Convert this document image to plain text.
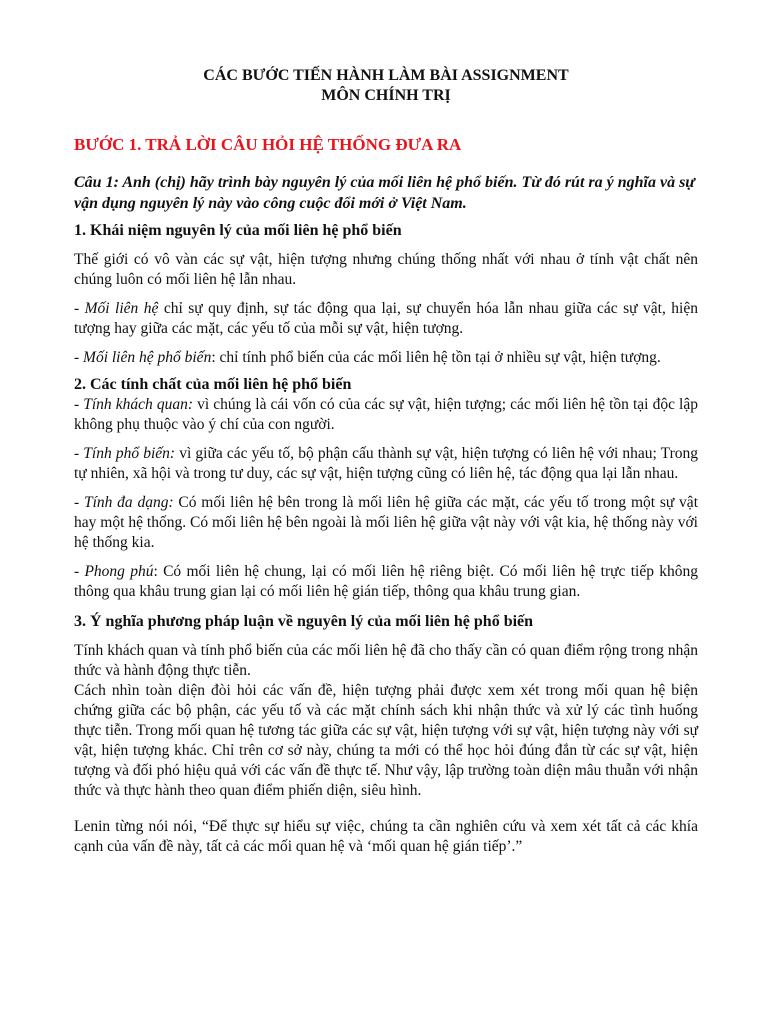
CÁC BƯỚC TIẾN HÀNH LÀM BÀI ASSIGNMENT
MÔN CHÍNH TRỊ
BƯỚC 1. TRẢ LỜI CÂU HỎI HỆ THỐNG ĐƯA RA

Câu 1: Anh (chị) hãy trình bày nguyên lý của mối liên hệ phổ biến. Từ đó rút ra ý nghĩa và sự vận dụng nguyên lý này vào công cuộc đổi mới ở Việt Nam.

1. Khái niệm nguyên lý của mối liên hệ phổ biến

Thế giới có vô vàn các sự vật, hiện tượng nhưng chúng thống nhất với nhau ở tính vật chất nên chúng luôn có mối liên hệ lẫn nhau.

- Mối liên hệ chỉ sự quy định, sự tác động qua lại, sự chuyển hóa lẫn nhau giữa các sự vật, hiện tượng hay giữa các mặt, các yếu tố của mỗi sự vật, hiện tượng.

- Mối liên hệ phổ biến: chỉ tính phổ biến của các mối liên hệ tồn tại ở nhiều sự vật, hiện tượng.

2. Các tính chất của mối liên hệ phổ biến

- Tính khách quan: vì chúng là cái vốn có của các sự vật, hiện tượng; các mối liên hệ tồn tại độc lập không phụ thuộc vào ý chí của con người.

- Tính phổ biến: vì giữa các yếu tố, bộ phận cấu thành sự vật, hiện tượng có liên hệ với nhau; Trong tự nhiên, xã hội và trong tư duy, các sự vật, hiện tượng cũng có liên hệ, tác động qua lại lẫn nhau.

- Tính đa dạng: Có mối liên hệ bên trong là mối liên hệ giữa các mặt, các yếu tố trong một sự vật hay một hệ thống. Có mối liên hệ bên ngoài là mối liên hệ giữa vật này với vật kia, hệ thống này với hệ thống kia.

- Phong phú: Có mối liên hệ chung, lại có mối liên hệ riêng biệt. Có mối liên hệ trực tiếp không thông qua khâu trung gian lại có mối liên hệ gián tiếp, thông qua khâu trung gian.

3. Ý nghĩa phương pháp luận về nguyên lý của mối liên hệ phổ biến

Tính khách quan và tính phổ biến của các mối liên hệ đã cho thấy cần có quan điểm rộng trong nhận thức và hành động thực tiễn.

Cách nhìn toàn diện đòi hỏi các vấn đề, hiện tượng phải được xem xét trong mối quan hệ biện chứng giữa các bộ phận, các yếu tố và các mặt chính sách khi nhận thức và xử lý các tình huống thực tiễn. Trong mối quan hệ tương tác giữa các sự vật, hiện tượng với sự vật, hiện tượng này với sự vật, hiện tượng khác. Chỉ trên cơ sở này, chúng ta mới có thể học hỏi đúng đắn từ các sự vật, hiện tượng và đối phó hiệu quả với các vấn đề thực tế. Như vậy, lập trường toàn diện mâu thuẫn với nhận thức và thực hành theo quan điểm phiến diện, siêu hình.

Lenin từng nói nói, “Để thực sự hiểu sự việc, chúng ta cần nghiên cứu và xem xét tất cả các khía cạnh của vấn đề này, tất cả các mối quan hệ và ‘mối quan hệ gián tiếp’.”
